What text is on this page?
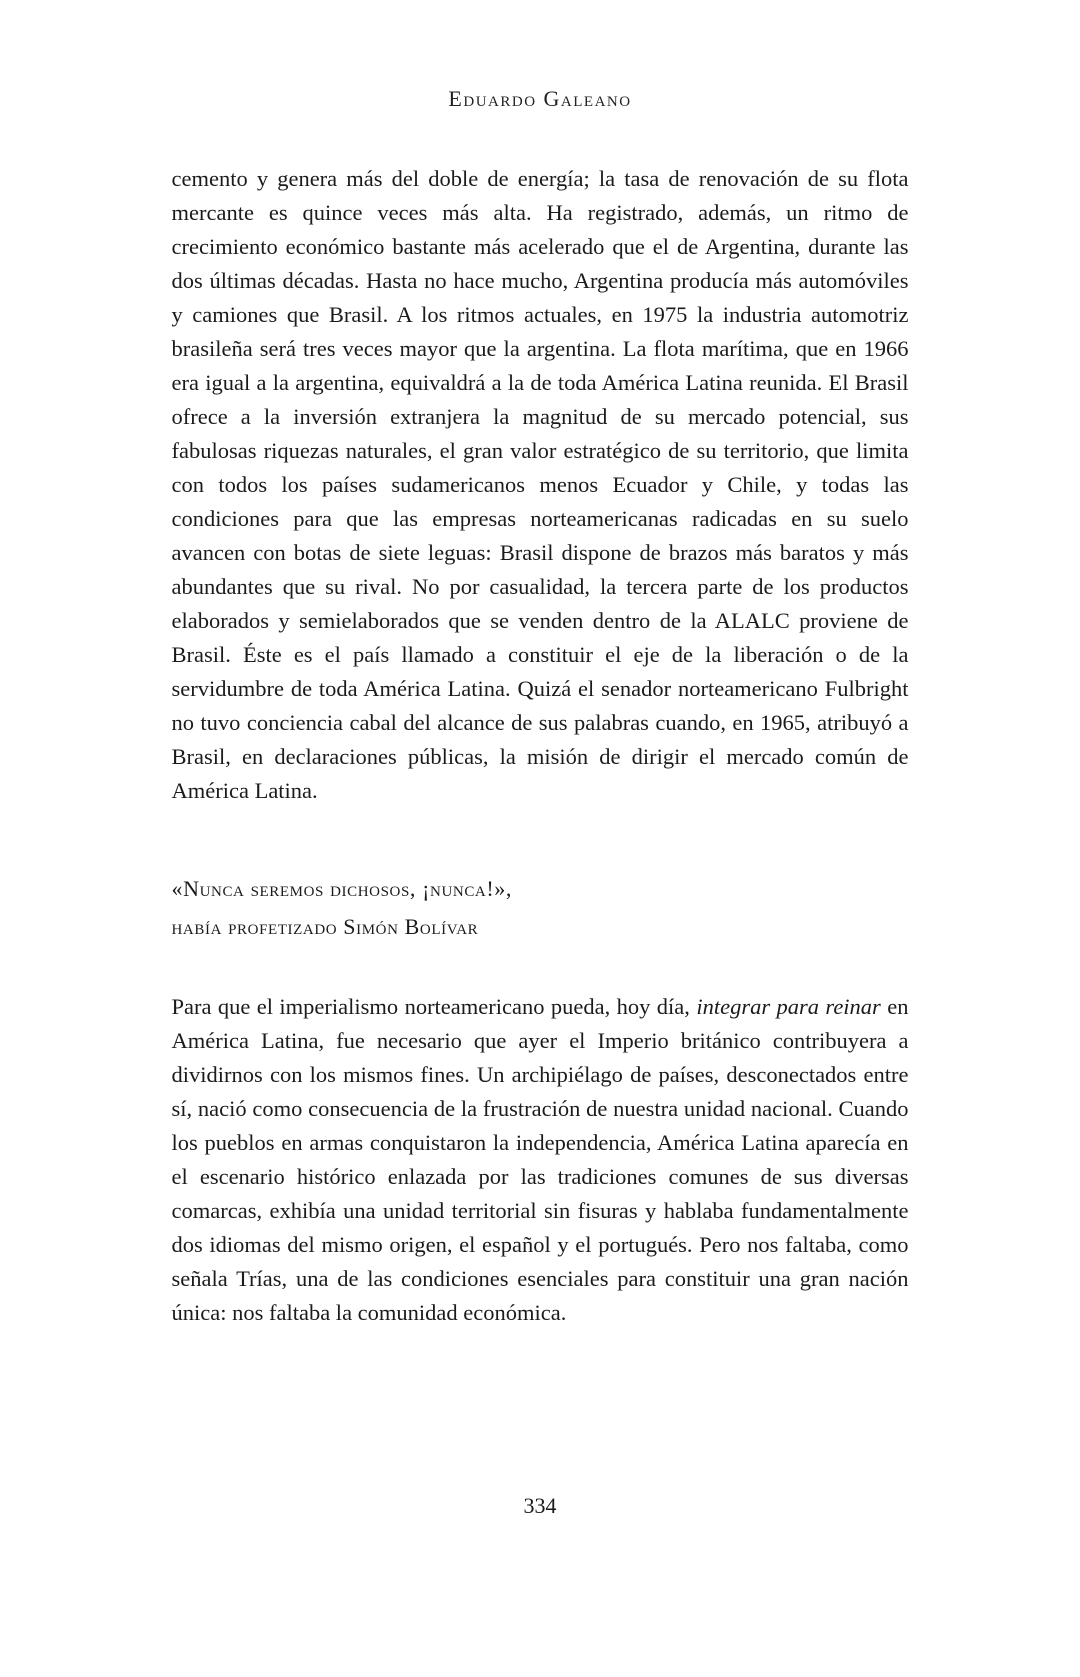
Eduardo Galeano

cemento y genera más del doble de energía; la tasa de renovación de su flota mercante es quince veces más alta. Ha registrado, además, un ritmo de crecimiento económico bastante más acelerado que el de Argentina, durante las dos últimas décadas. Hasta no hace mucho, Argentina producía más automóviles y camiones que Brasil. A los ritmos actuales, en 1975 la industria automotriz brasileña será tres veces mayor que la argentina. La flota marítima, que en 1966 era igual a la argentina, equivaldrá a la de toda América Latina reunida. El Brasil ofrece a la inversión extranjera la magnitud de su mercado potencial, sus fabulosas riquezas naturales, el gran valor estratégico de su territorio, que limita con todos los países sudamericanos menos Ecuador y Chile, y todas las condiciones para que las empresas norteamericanas radicadas en su suelo avancen con botas de siete leguas: Brasil dispone de brazos más baratos y más abundantes que su rival. No por casualidad, la tercera parte de los productos elaborados y semielaborados que se venden dentro de la ALALC proviene de Brasil. Éste es el país llamado a constituir el eje de la liberación o de la servidumbre de toda América Latina. Quizá el senador norteamericano Fulbright no tuvo conciencia cabal del alcance de sus palabras cuando, en 1965, atribuyó a Brasil, en declaraciones públicas, la misión de dirigir el mercado común de América Latina.

«Nunca seremos dichosos, ¡nunca!»,
había profetizado Simón Bolívar

Para que el imperialismo norteamericano pueda, hoy día, integrar para reinar en América Latina, fue necesario que ayer el Imperio británico contribuyera a dividirnos con los mismos fines. Un archipiélago de países, desconectados entre sí, nació como consecuencia de la frustración de nuestra unidad nacional. Cuando los pueblos en armas conquistaron la independencia, América Latina aparecía en el escenario histórico enlazada por las tradiciones comunes de sus diversas comarcas, exhibía una unidad territorial sin fisuras y hablaba fundamentalmente dos idiomas del mismo origen, el español y el portugués. Pero nos faltaba, como señala Trías, una de las condiciones esenciales para constituir una gran nación única: nos faltaba la comunidad económica.

334
